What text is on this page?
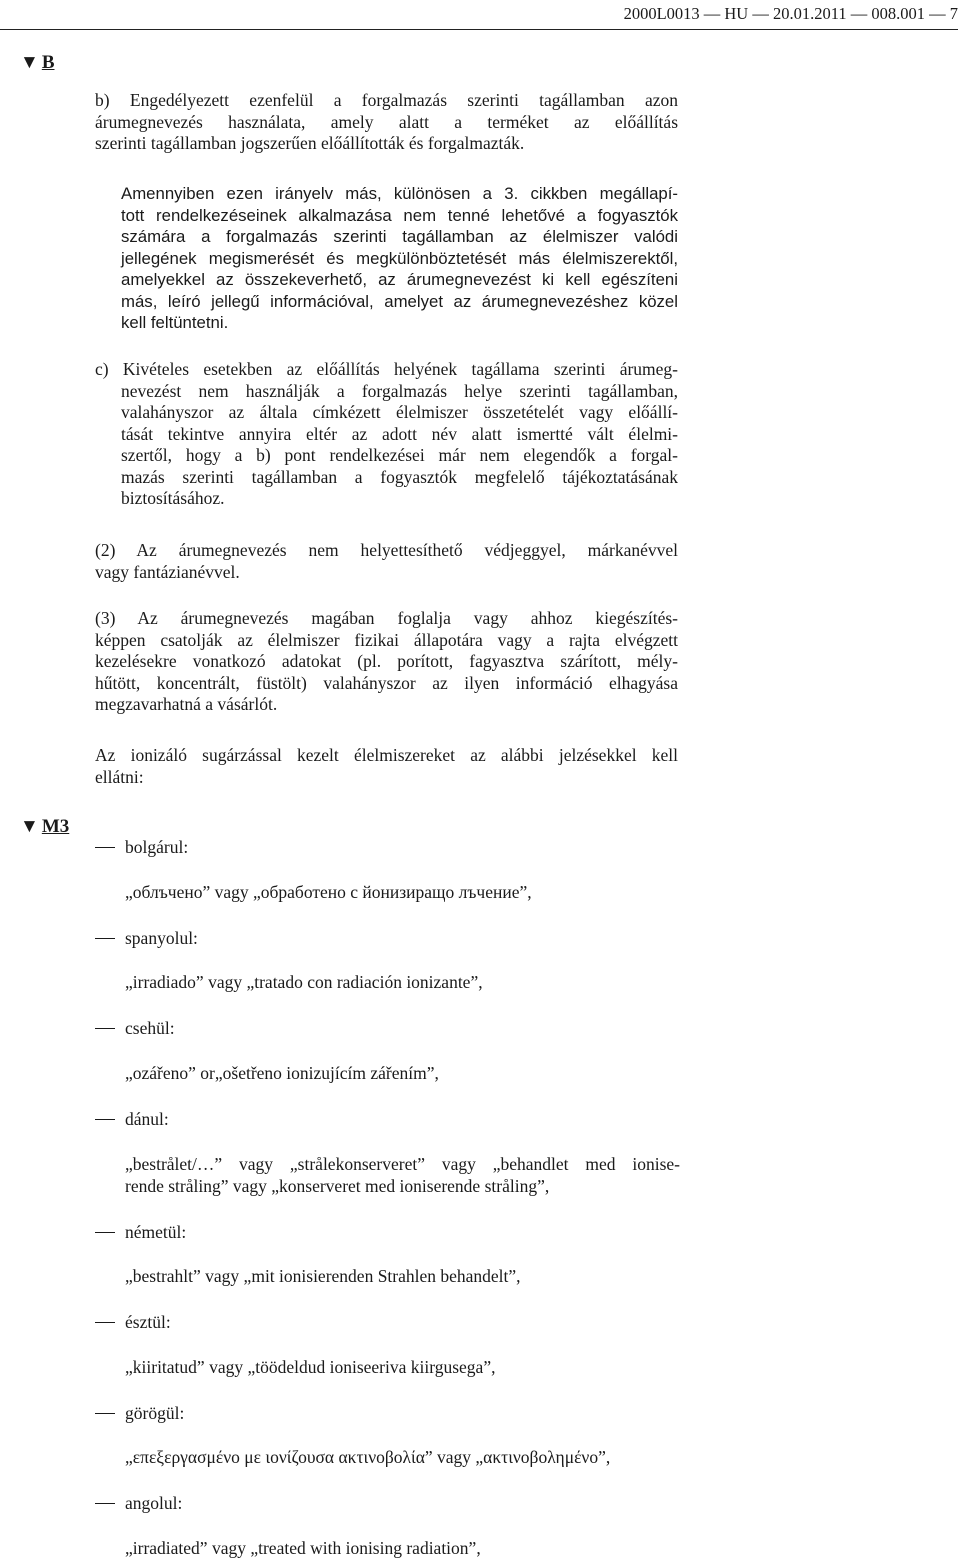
2000L0013 — HU — 20.01.2011 — 008.001 — 7
▼ B
b) Engedélyezett ezenfelül a forgalmazás szerinti tagállamban azon
árumegnevezés használata, amely alatt a terméket az előállítás
szerinti tagállamban jogszerűen előállították és forgalmazták.
Amennyiben ezen irányelv más, különösen a 3. cikkben megállapí-
tott rendelkezéseinek alkalmazása nem tenné lehetővé a fogyasztók
számára a forgalmazás szerinti tagállamban az élelmiszer valódi
jellegének megismerését és megkülönböztetését más élelmiszerektől,
amelyekkel az összekeverhető, az árumegnevezést ki kell egészíteni
más, leíró jellegű információval, amelyet az árumegnevezéshez közel
kell feltüntetni.
c) Kivételes esetekben az előállítás helyének tagállama szerinti árumeg-
nevezést nem használják a forgalmazás helye szerinti tagállamban,
valahányszor az általa címkézett élelmiszer összetételét vagy előállí-
tását tekintve annyira eltér az adott név alatt ismertté vált élelmi-
szertől, hogy a b) pont rendelkezései már nem elegendők a forgal-
mazás szerinti tagállamban a fogyasztók megfelelő tájékoztatásának
biztosításához.
(2) Az árumegnevezés nem helyettesíthető védjeggyel, márkanévvel
vagy fantázianévvel.
(3) Az árumegnevezés magában foglalja vagy ahhoz kiegészítés-
képpen csatolják az élelmiszer fizikai állapotára vagy a rajta elvégzett
kezelésekre vonatkozó adatokat (pl. porított, fagyasztva szárított, mély-
hűtött, koncentrált, füstölt) valahányszor az ilyen információ elhagyása
megzavarhatná a vásárlót.
Az ionizáló sugárzással kezelt élelmiszereket az alábbi jelzésekkel kell
ellátni:
▼ M3
bolgárul:
„облъчено” vagy „обработено с йонизиращо лъчение”,
spanyolul:
„irradiado” vagy „tratado con radiación ionizante”,
csehül:
„ozářeno” or„ošetřeno ionizujícím zářením”,
dánul:
„bestrålet/…” vagy „strålekonserveret” vagy „behandlet med ionise-
rende stråling” vagy „konserveret med ioniserende stråling”,
németül:
„bestrahlt” vagy „mit ionisierenden Strahlen behandelt”,
észtül:
„kiiritatud” vagy „töödeldud ioniseeriva kiirgusega”,
görögül:
„επεξεργασμένο με ιονίζουσα ακτινοβολία” vagy „ακτινοβολημένο”,
angolul:
„irradiated” vagy „treated with ionising radiation”,
